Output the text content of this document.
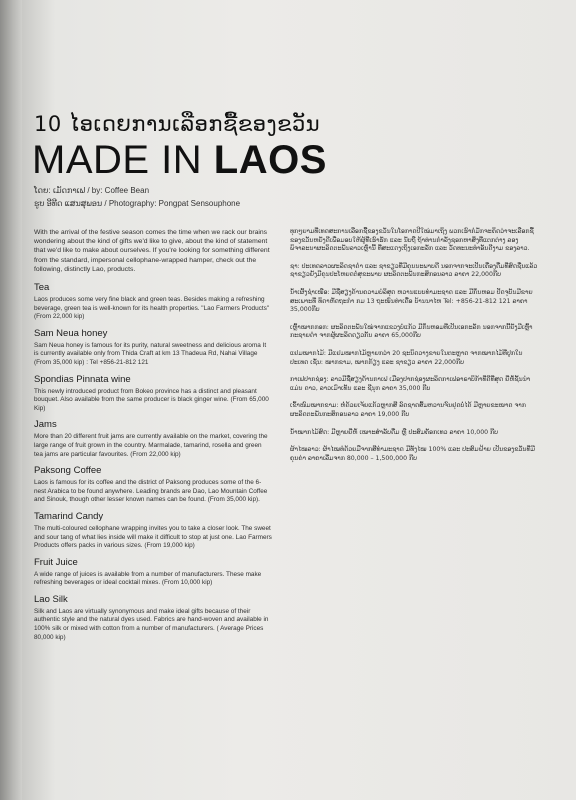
10 ໄອເດຍການເລືອກຊື້ຂອງຂວັນ
MADE IN LAOS
ໂດຍ: ເມັດກາເຟ / by: Coffee Bean
ຮູບ ອີທີດ ແສນສຸພອນ / Photography: Pongpat Sensouphone

With the arrival of the festive season comes the time when we rack our brains wondering about the kind of gifts we'd like to give, about the kind of statement that we'd like to make about ourselves. If you're looking for something different from the standard, impersonal cellophane-wrapped hamper, check out the following, distinctly Lao, products.

Tea

Laos produces some very fine black and green teas. Besides making a refreshing beverage, green tea is well-known for its health properties. "Lao Farmers Products" (From 22,000 kip)

Sam Neua honey

Sam Neua honey is famous for its purity, natural sweetness and delicious aroma It is currently available only from Thida Craft at km 13 Thadeua Rd, Nahai Village (From 35,000 kip) : Tel +856-21-812 121

Spondias Pinnata wine

This newly introduced product from Bokeo province has a distinct and pleasant bouquet. Also available from the same producer is black ginger wine. (From 65,000 Kip)

Jams

More than 20 different fruit jams are currently available on the market, covering the large range of fruit grown in the country. Marmalade, tamarind, rosella and green tea jams are particular favourites. (From 22,000 kip)

Paksong Coffee

Laos is famous for its coffee and the district of Paksong produces some of the 6-nest Arabica to be found anywhere. Leading brands are Dao, Lao Mountain Coffee and Sinouk, though other lesser known names can be found. (From 35,000 kip).

Tamarind Candy

The multi-coloured cellophane wrapping invites you to take a closer look. The sweet and sour tang of what lies inside will make it difficult to stop at just one. Lao Farmers Products offers packs in various sizes. (From 19,000 kip)

Fruit Juice

A wide range of juices is available from a number of manufacturers. These make refreshing beverages or ideal cocktail mixes. (From 10,000 kip)

Lao Silk

Silk and Laos are virtually synonymous and make ideal gifts because of their authentic style and the natural dyes used. Fabrics are hand-woven and available in 100% silk or mixed with cotton from a number of manufacturers. ( Average Prices 80,000 kip)

ທຸກໆຍາມທີ່ເທດສະການເລືອກຊື້ຂອງຂວັນໃນໂອກາດປີໃໝ່ມາເຖິງ ພວກເຮົາກໍມັກຈະຄິດວ່າຈະເລືອກຊື້ຂອງຂວັນຫຍັງດີເພື່ອມອບໃຫ້ຜູ້ທີ່ເຮົາຮັກ ແລະ ນັບຖື ຖ້າທ່ານກຳລັງຊອກຫາສິ່ງທີ່ແຕກຕ່າງ ລອງພິຈາລະນາຜະລິດຕະພັນລາວເຫຼົ່ານີ້ ທີ່ສະແດງເຖິງເອກະລັກ ແລະ ວັດທະນະທຳອັນດີງາມ ຂອງລາວ.

ຊາ: ປະເທດລາວຜະລິດຊາດຳ ແລະ ຊາຂຽວທີ່ມີຄຸນນະພາບດີ ນອກຈາກຈະເປັນເຄື່ອງດື່ມທີ່ສົດຊື່ນແລ້ວ ຊາຂຽວຍັງມີຄຸນປະໂຫຍດຕໍ່ສຸຂະພາບ ຜະລິດຕະພັນກະສິກອນລາວ ລາຄາ 22,000ກີບ

ນ້ຳເຜິ້ງຊຳເໜືອ: ມີຊື່ສຽງດ້ານຄວາມບໍລິສຸດ ຫວານແບບທຳມະຊາດ ແລະ ມີກິ່ນຫອມ ປັດຈຸບັນມີຂາຍສະເພາະທີ່ ທິດາຫັດຖະກຳ ກມ 13 ຖະໜົນທ່າເດື່ອ ບ້ານນາໄຫ Tel: +856-21-812 121 ລາຄາ 35,000ກີບ

ເຫຼົ້າໝາກກອກ: ຜະລິດຕະພັນໃໝ່ຈາກແຂວງບໍ່ແກ້ວ ມີກິ່ນຫອມທີ່ເປັນເອກະລັກ ນອກຈາກນີ້ຍັງມີເຫຼົ້າກະຊາຍດຳ ຈາກຜູ້ຜະລິດດຽວກັນ ລາຄາ 65,000ກີບ

ແຢມໝາກໄມ້: ມີແຢມໝາກໄມ້ຫຼາຍກວ່າ 20 ຊະນິດວາງຂາຍໃນຕະຫຼາດ ຈາກໝາກໄມ້ທີ່ປູກໃນປະເທດ ເຊັ່ນ: ໝາກຂາມ, ໝາກກ້ຽງ ແລະ ຊາຂຽວ ລາຄາ 22,000ກີບ

ກາເຟປາກຊ່ອງ: ລາວມີຊື່ສຽງດ້ານກາເຟ ເມືອງປາກຊ່ອງຜະລິດກາເຟອາຣາບິກ້າທີ່ດີທີ່ສຸດ ຍີ່ຫໍ້ຊັ້ນນຳແມ່ນ ດາວ, ລາວເມົາເທັນ ແລະ ຊີນຸກ ລາຄາ 35,000 ກີບ

ເຂົ້າໜົມໝາກຂາມ: ຫໍ່ດ້ວຍເຈ້ຍແກ້ວຫຼາກສີ ລົດຊາດສົ້ມຫວານຈົນຢຸດບໍ່ໄດ້ ມີຫຼາຍຂະໜາດ ຈາກຜະລິດຕະພັນກະສິກອນລາວ ລາຄາ 19,000 ກີບ

ນ້ຳໝາກໄມ້ສົດ: ມີຫຼາຍຍີ່ຫໍ້ ເໝາະສຳລັບດື່ມ ຫຼື ປະສົມຄັອກເທວ ລາຄາ 10,000 ກີບ

ຜ້າໄໝລາວ: ຜ້າໄໝທໍດ້ວຍມືຈາກສີທຳມະຊາດ ມີທັງໄໝ 100% ແລະ ປະສົມຝ້າຍ ເປັນຂອງຂວັນທີ່ມີຄຸນຄ່າ ລາຄາເລີ່ມຈາກ 80,000 – 1,500,000 ກີບ
